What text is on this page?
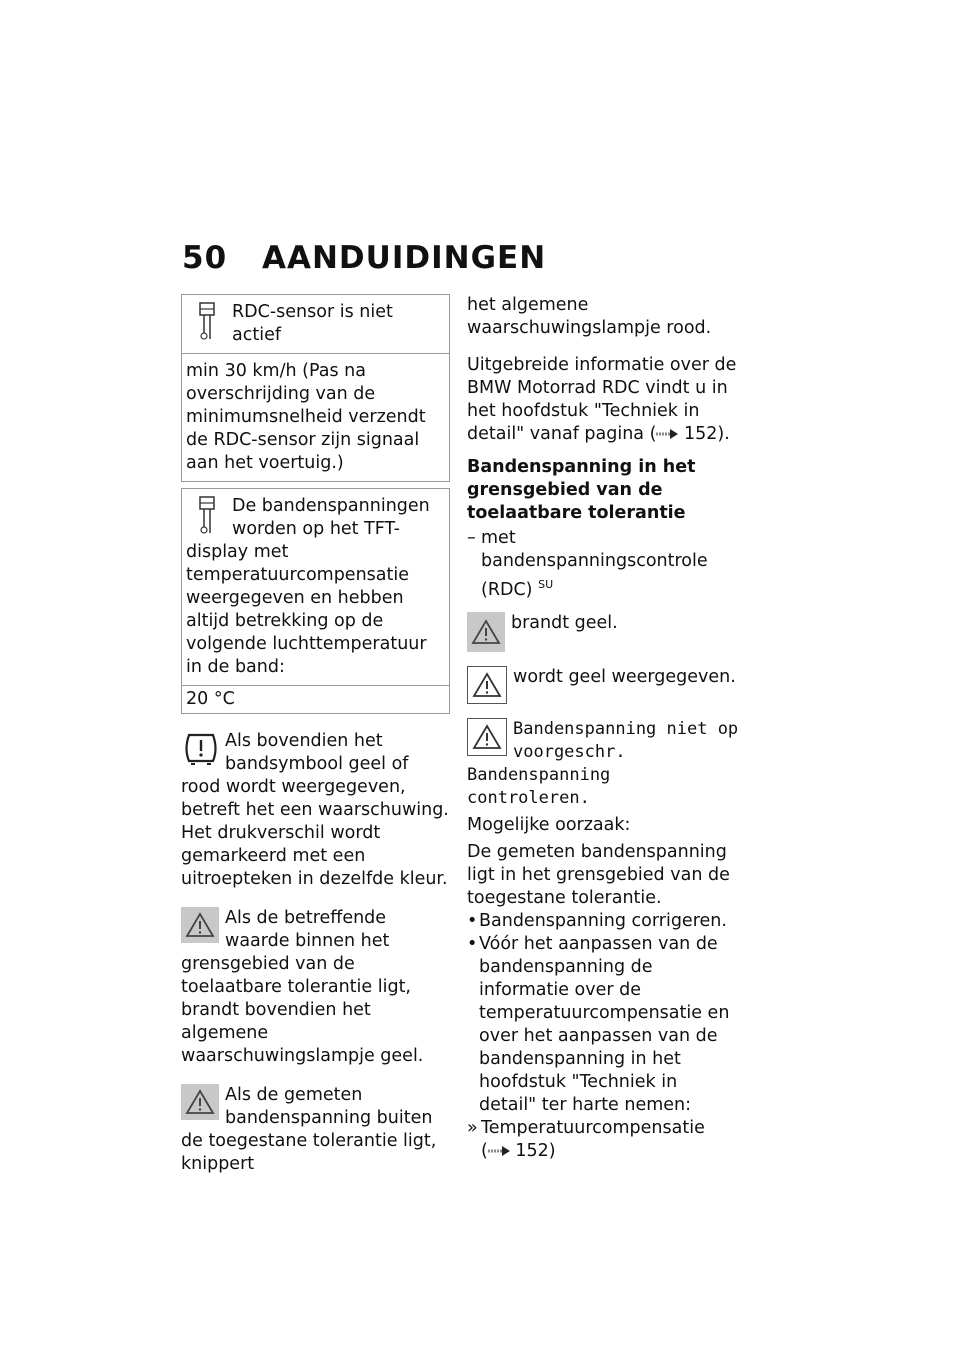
50	AANDUIDINGEN
RDC-sensor is niet actief
min 30 km/h (Pas na overschrijding van de minimumsnelheid verzendt de RDC-sensor zijn signaal aan het voertuig.)
De bandenspanningen worden op het TFT-display met temperatuurcompensatie weergegeven en hebben altijd betrekking op de volgende luchttemperatuur in de band:
20 °C
Als bovendien het bandsymbool geel of rood wordt weergegeven, betreft het een waarschuwing. Het drukverschil wordt gemarkeerd met een uitroepteken in dezelfde kleur.
Als de betreffende waarde binnen het grensgebied van de toelaatbare tolerantie ligt, brandt bovendien het algemene waarschuwingslampje geel.
Als de gemeten bandenspanning buiten de toegestane tolerantie ligt, knippert

het algemene waarschuwingslampje rood.

Uitgebreide informatie over de BMW Motorrad RDC vindt u in het hoofdstuk "Techniek in detail" vanaf pagina ( 152).

Bandenspanning in het grensgebied van de toelaatbare tolerantie

– met bandenspanningscontrole (RDC) $^{SU}$
brandt geel.
wordt geel weergegeven.
Bandenspanning niet op voorgeschr. Bandenspanning controleren.

Mogelijke oorzaak:

De gemeten bandenspanning ligt in het grensgebied van de toegestane tolerantie.

• Bandenspanning corrigeren.
• Vóór het aanpassen van de bandenspanning de informatie over de temperatuurcompensatie en over het aanpassen van de bandenspanning in het hoofdstuk "Techniek in detail" ter harte nemen:
» Temperatuurcompensatie
( 152)
